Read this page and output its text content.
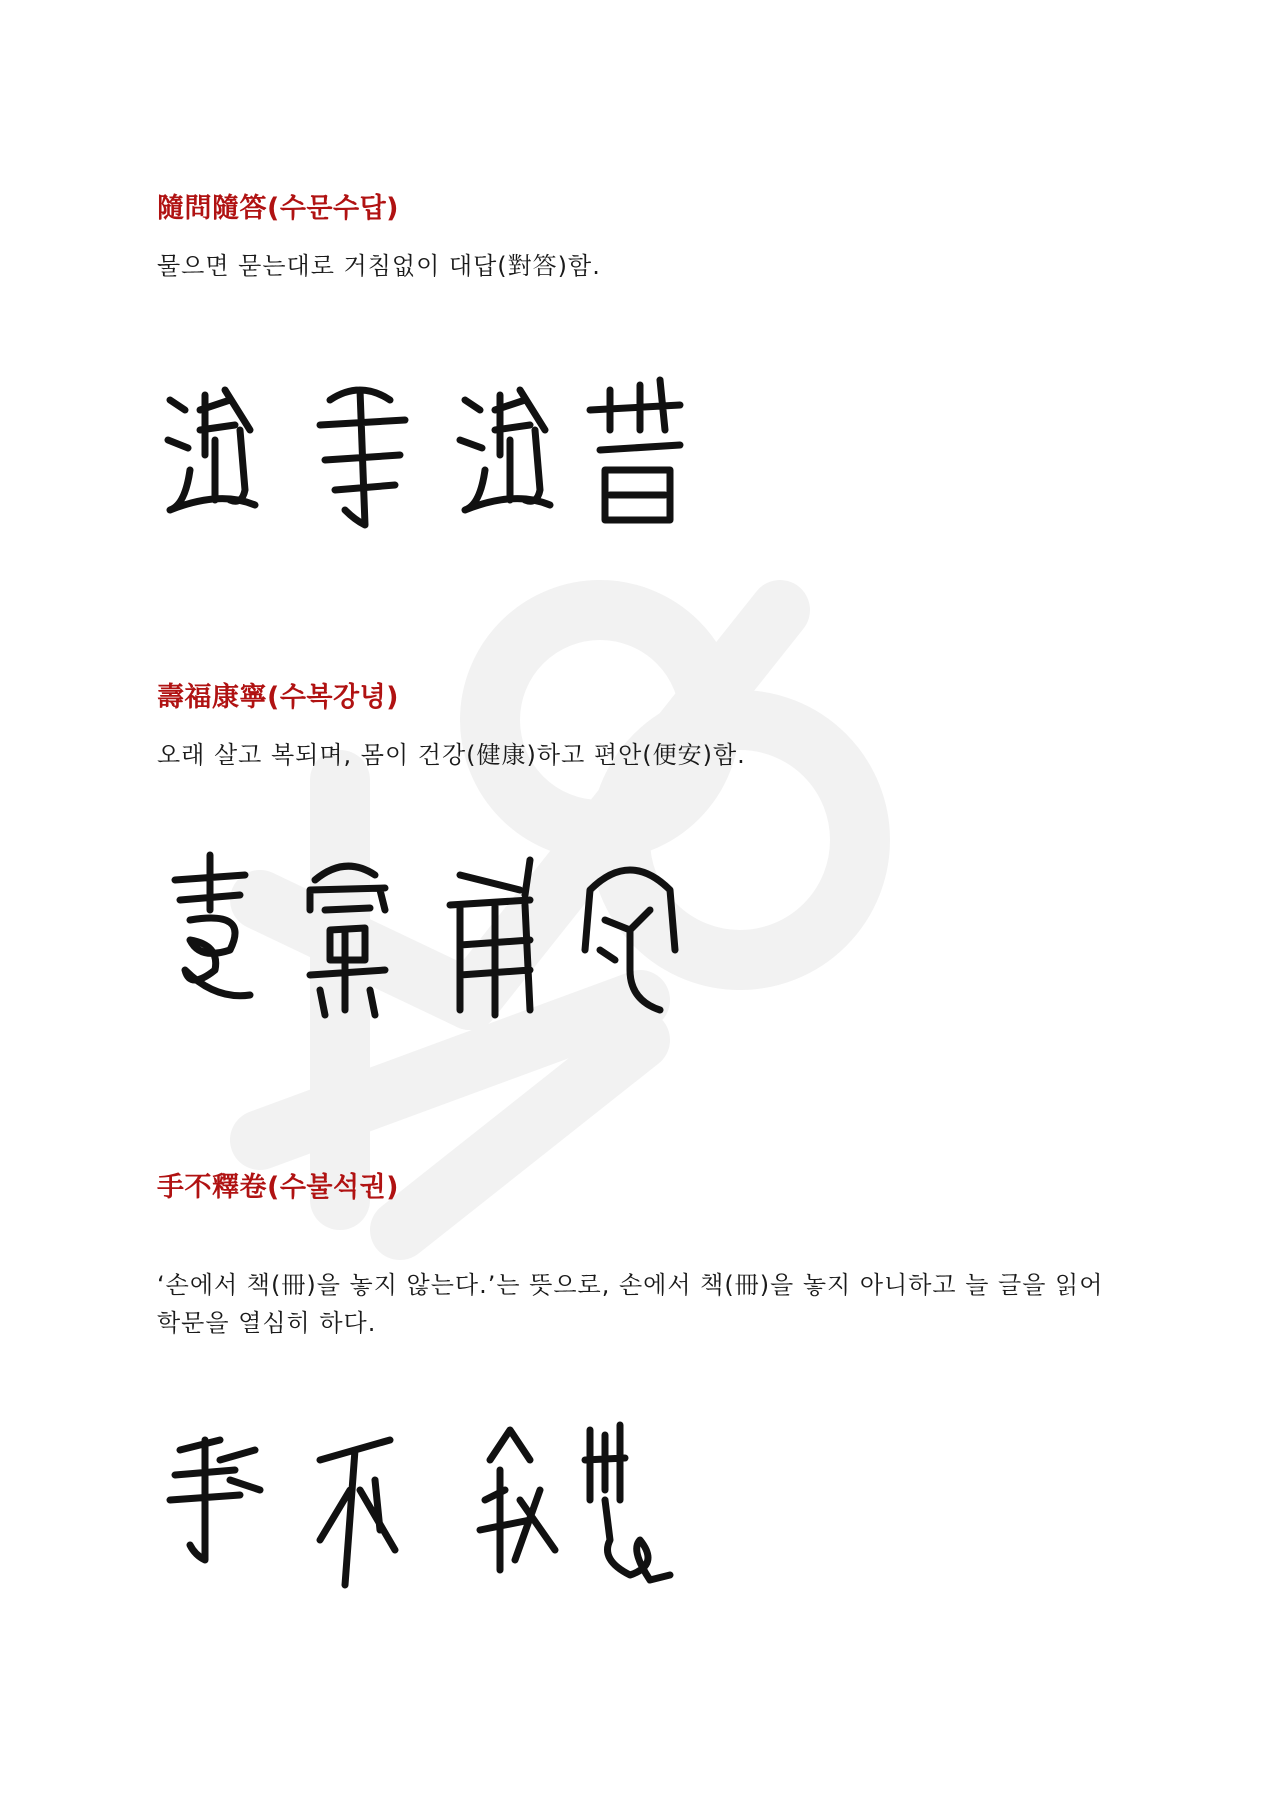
隨問隨答(수문수답)

물으면 묻는대로 거침없이 대답(對答)함.

壽福康寧(수복강녕)

오래 살고 복되며, 몸이 건강(健康)하고 편안(便安)함.

手不釋卷(수불석권)

‘손에서 책(冊)을 놓지 않는다.’는 뜻으로, 손에서 책(冊)을 놓지 아니하고 늘 글을 읽어 학문을 열심히 하다.
